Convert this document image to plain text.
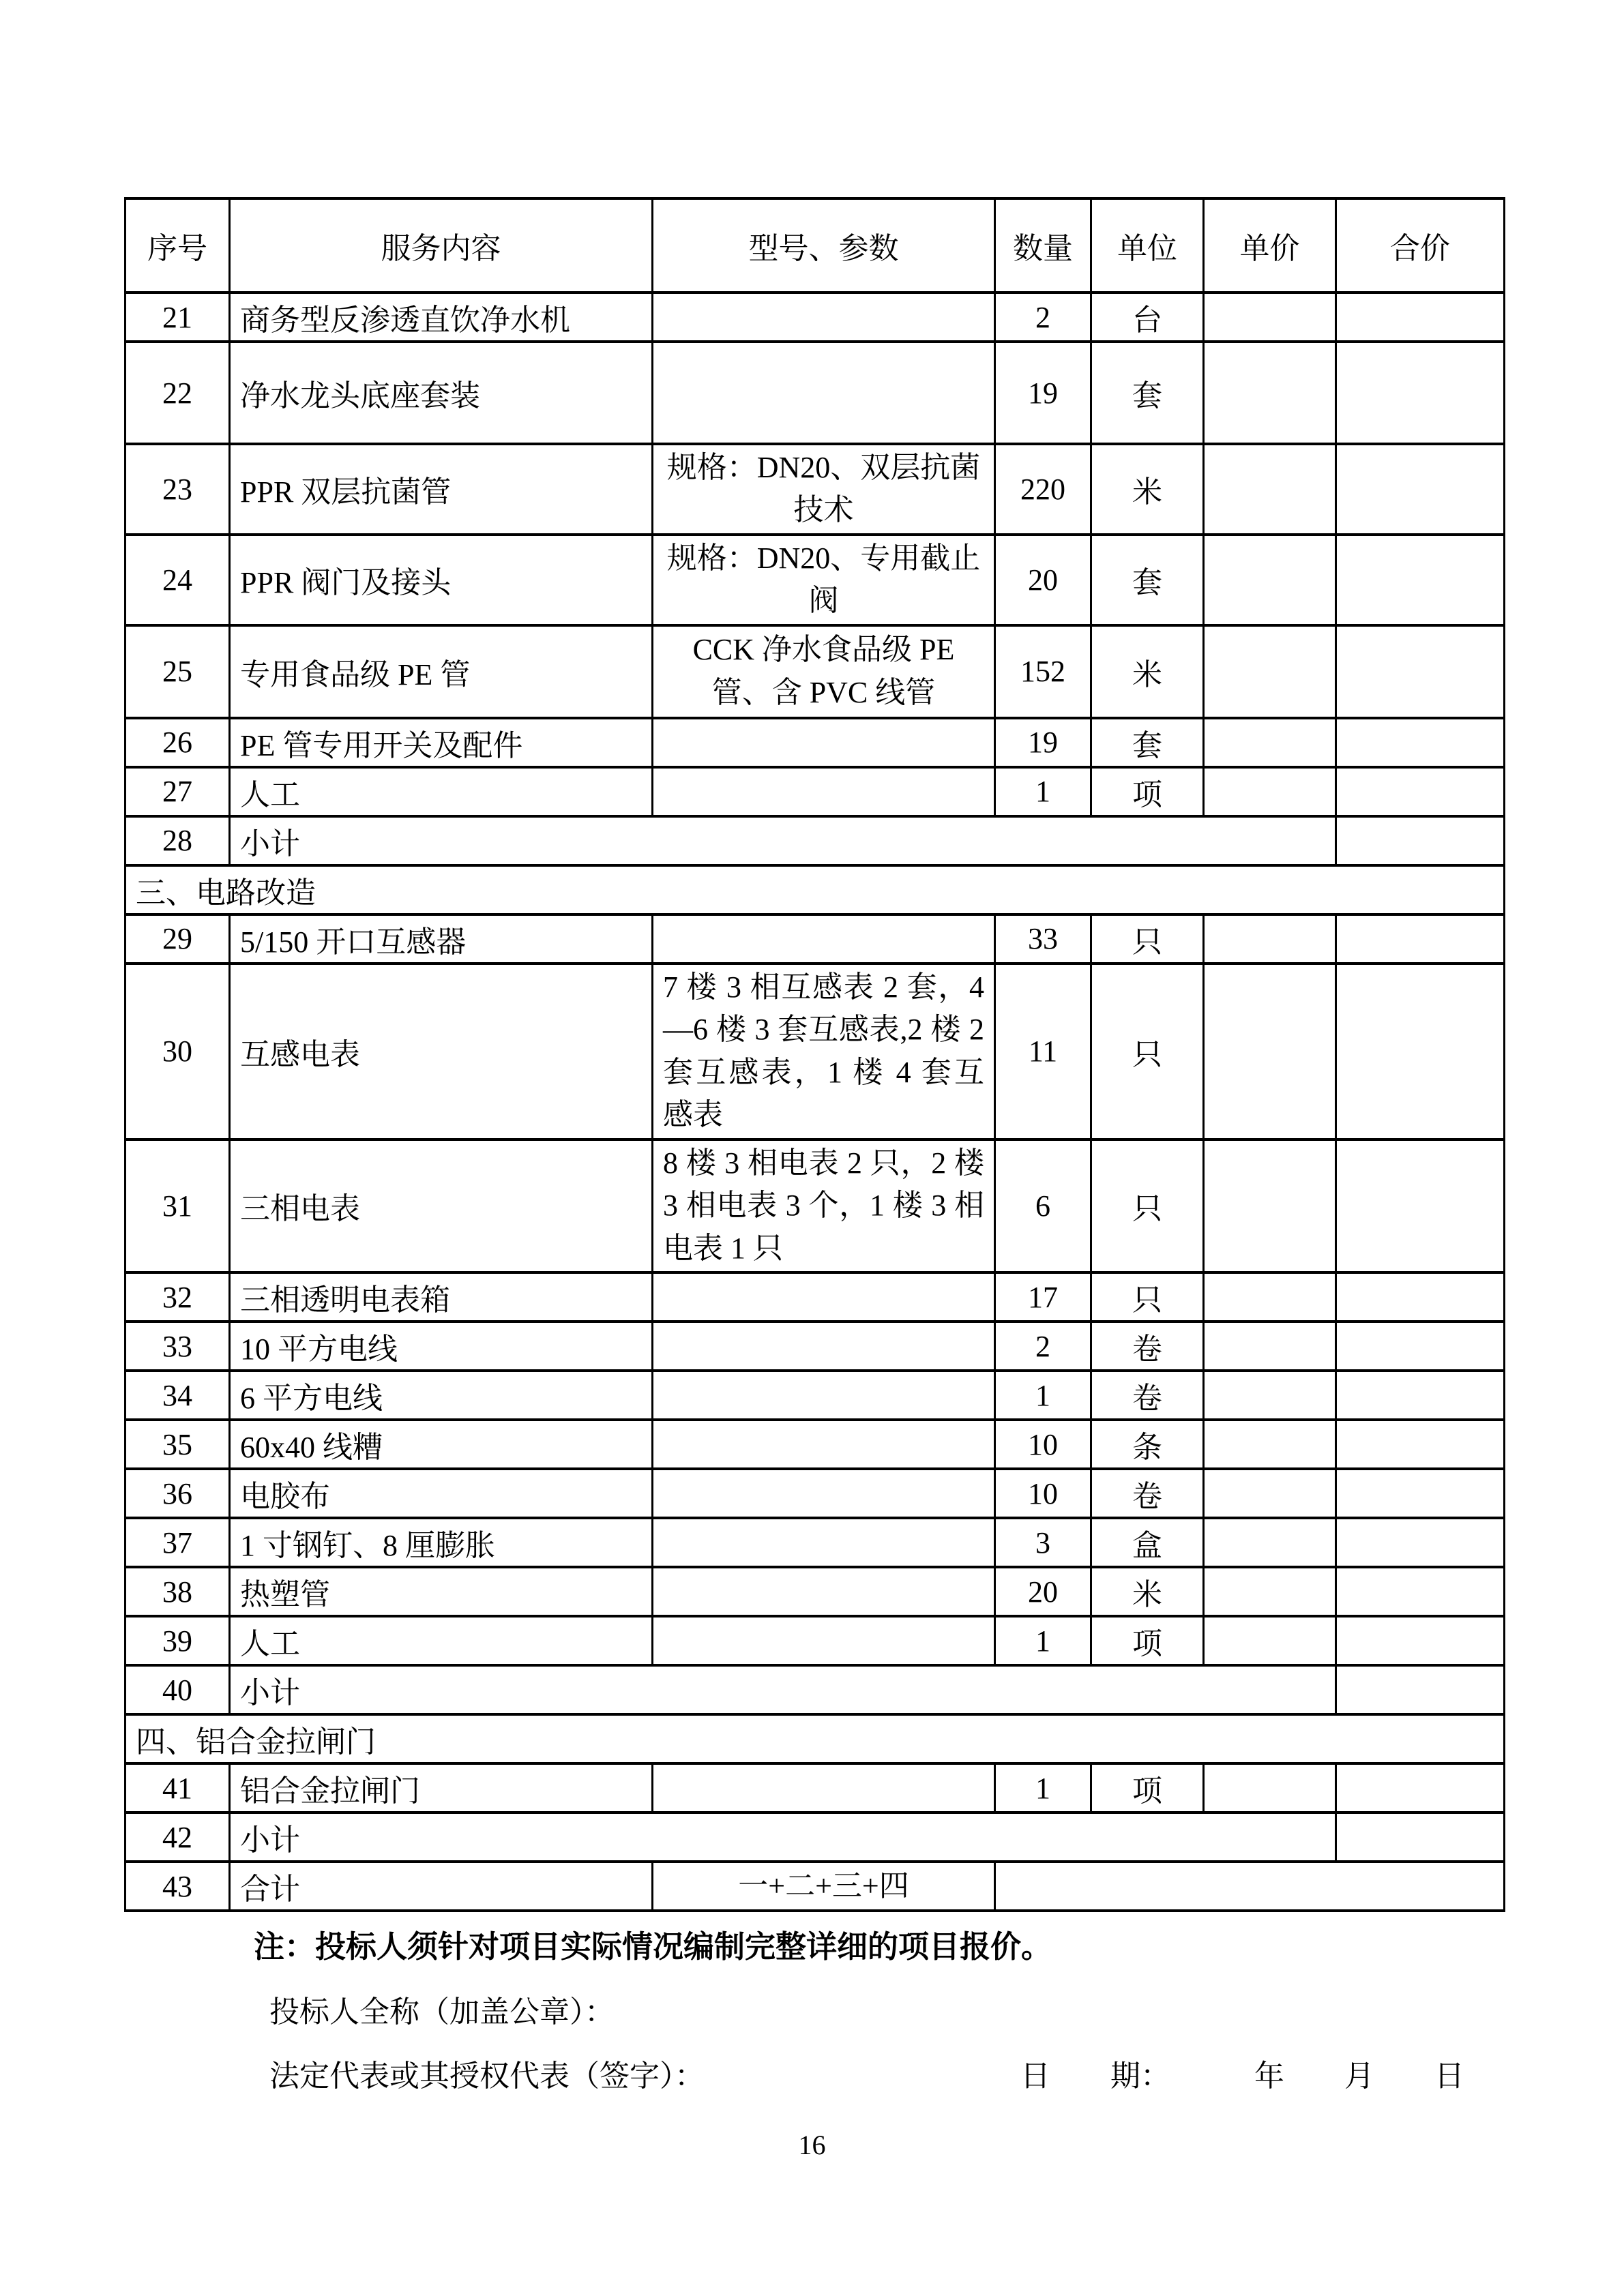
序号	服务内容	型号、参数	数量	单位	单价	合价
21	商务型反渗透直饮净水机		2	台		
22	净水龙头底座套装		19	套		
23	PPR 双层抗菌管	规格：DN20、双层抗菌技术	220	米		
24	PPR 阀门及接头	规格：DN20、专用截止阀	20	套		
25	专用食品级 PE 管	CCK 净水食品级 PE 管、含 PVC 线管	152	米		
26	PE 管专用开关及配件		19	套		
27	人工		1	项		
28	小计					
三、电路改造						
29	5/150 开口互感器		33	只		
30	互感电表	7 楼 3 相互感表 2 套，4—6 楼 3 套互感表,2 楼 2 套互感表，1 楼 4 套互感表	11	只		
31	三相电表	8 楼 3 相电表 2 只，2 楼 3 相电表 3 个，1 楼 3 相电表 1 只	6	只		
32	三相透明电表箱		17	只		
33	10 平方电线		2	卷		
34	6 平方电线		1	卷		
35	60x40 线糟		10	条		
36	电胶布		10	卷		
37	1 寸钢钉、8 厘膨胀		3	盒		
38	热塑管		20	米		
39	人工		1	项		
40	小计					
四、铝合金拉闸门						
41	铝合金拉闸门		1	项		
42	小计					
43	合计	一+二+三+四				
注：投标人须针对项目实际情况编制完整详细的项目报价。
投标人全称（加盖公章）：
法定代表或其授权代表（签字）：	日　　期：	年　　月　　日
16
